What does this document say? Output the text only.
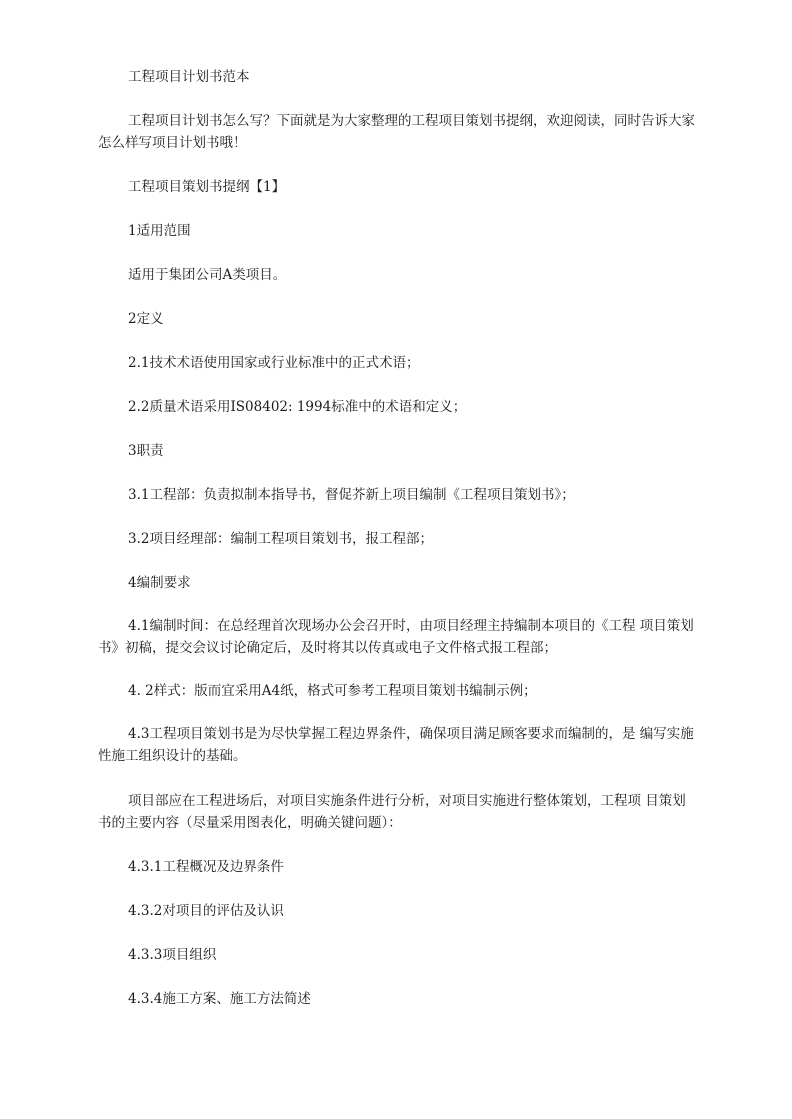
工程项目计划书范本

工程项目计划书怎么写？下面就是为大家整理的工程项目策划书提纲，欢迎阅读，同时告诉大家怎么样写项目计划书哦！

工程项目策划书提纲【1】

1适用范围

适用于集团公司A类项目。

2定义

2.1技术术语使用国家或行业标准中的正式术语；

2.2质量术语采用IS08402: 1994标准中的术语和定义；

3职责

3.1工程部：负责拟制本指导书，督促芥新上项目编制《工程项目策划书》；

3.2项目经理部：编制工程项目策划书，报工程部；

4编制要求

4.1编制时间：在总经理首次现场办公会召开时，由项目经理主持编制本项目的《工程 项目策划书》初稿，提交会议讨论确定后，及时将其以传真或电子文件格式报工程部；

4. 2样式：版而宜采用A4纸，格式可参考工程项目策划书编制示例；

4.3工程项目策划书是为尽快掌握工程边界条件，确保项目满足顾客要求而编制的，是 编写实施性施工组织设计的基础。

项目部应在工程进场后，对项目实施条件进行分析，对项目实施进行整体策划，工程项 目策划书的主要内容（尽量采用图表化，明确关键问题）：

4.3.1工程概况及边界条件

4.3.2对项目的评估及认识

4.3.3项目组织

4.3.4施工方案、施工方法简述
